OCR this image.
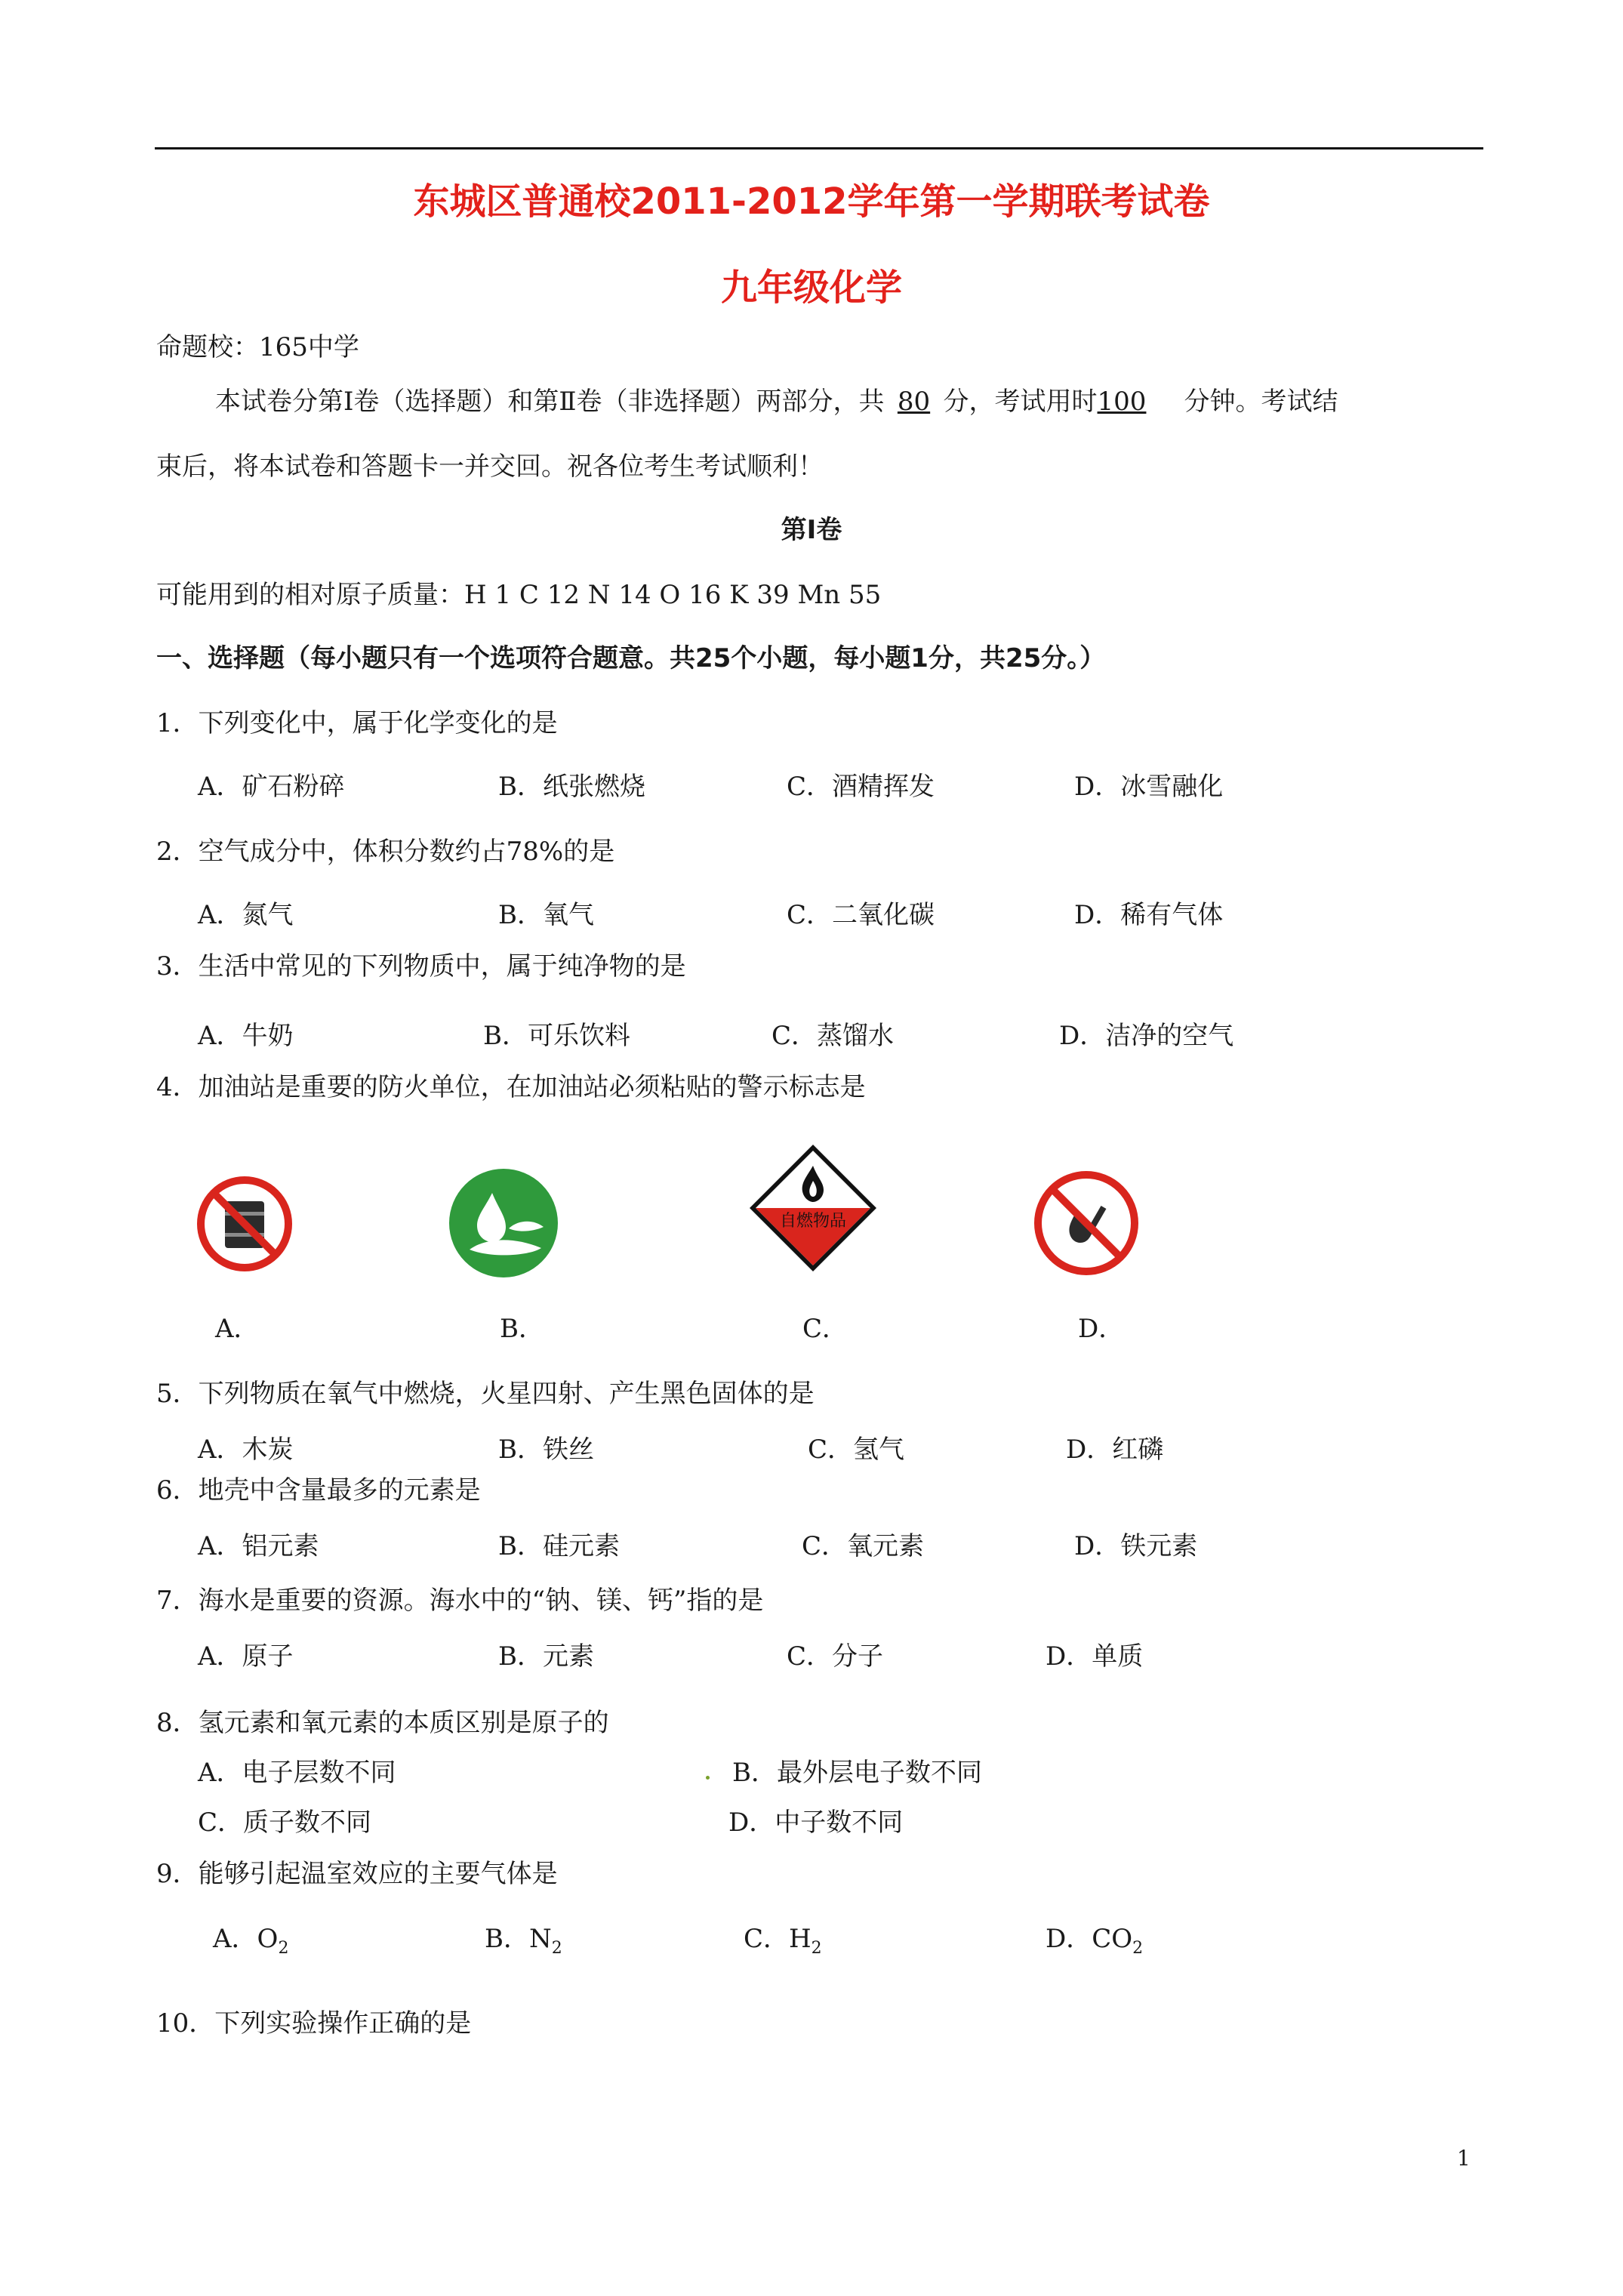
东城区普通校2011-2012学年第一学期联考试卷
九年级化学
命题校：165中学
本试卷分第Ⅰ卷（选择题）和第Ⅱ卷（非选择题）两部分，共 80 分，考试用时100 分钟。考试结
束后，将本试卷和答题卡一并交回。祝各位考生考试顺利！
第Ⅰ卷
可能用到的相对原子质量：H 1 C 12 N 14 O 16 K 39 Mn 55
一、选择题（每小题只有一个选项符合题意。共25个小题，每小题1分，共25分。）
1．下列变化中，属于化学变化的是
A．矿石粉碎	B．纸张燃烧	C．酒精挥发	D．冰雪融化
2．空气成分中，体积分数约占78%的是
A．氮气	B．氧气	C．二氧化碳	D．稀有气体
3．生活中常见的下列物质中，属于纯净物的是
A．牛奶	B．可乐饮料	C．蒸馏水	D．洁净的空气
4．加油站是重要的防火单位，在加油站必须粘贴的警示标志是
自燃物品
A．	B．	C．	D．
5．下列物质在氧气中燃烧，火星四射、产生黑色固体的是
A．木炭	B．铁丝	C．氢气	D．红磷
6．地壳中含量最多的元素是
A．铝元素	B．硅元素	C．氧元素	D．铁元素
7．海水是重要的资源。海水中的“钠、镁、钙”指的是
A．原子	B．元素	C．分子	D．单质
8．氢元素和氧元素的本质区别是原子的
A．电子层数不同	B．最外层电子数不同
C．质子数不同	D．中子数不同
9．能够引起温室效应的主要气体是
A．$O_2$	B．$N_2$	C．$H_2$	D．$CO_2$
10．下列实验操作正确的是
1
